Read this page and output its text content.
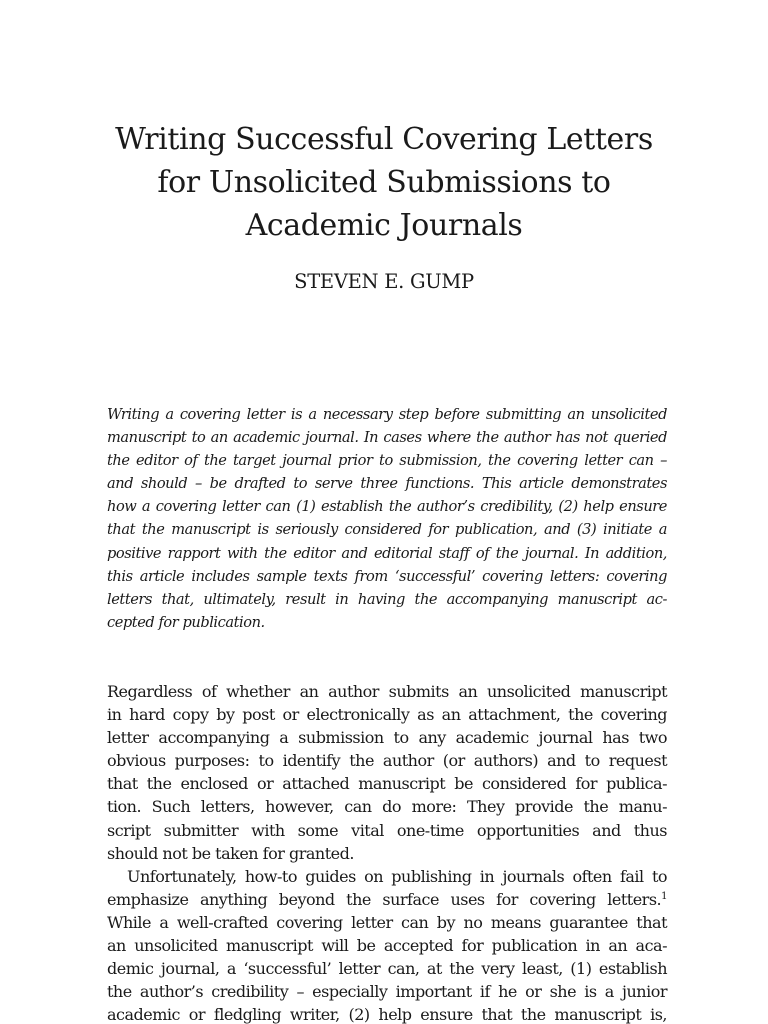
Writing Successful Covering Letters
for Unsolicited Submissions to
Academic Journals
STEVEN E. GUMP
Writing a covering letter is a necessary step before submitting an unsolicited
manuscript to an academic journal. In cases where the author has not queried
the editor of the target journal prior to submission, the covering letter can –
and should – be drafted to serve three functions. This article demonstrates
how a covering letter can (1) establish the author’s credibility, (2) help ensure
that the manuscript is seriously considered for publication, and (3) initiate a
positive rapport with the editor and editorial staff of the journal. In addition,
this article includes sample texts from ‘successful’ covering letters: covering
letters that, ultimately, result in having the accompanying manuscript ac-
cepted for publication.
Regardless of whether an author submits an unsolicited manuscript
in hard copy by post or electronically as an attachment, the covering
letter accompanying a submission to any academic journal has two
obvious purposes: to identify the author (or authors) and to request
that the enclosed or attached manuscript be considered for publica-
tion. Such letters, however, can do more: They provide the manu-
script submitter with some vital one-time opportunities and thus
should not be taken for granted.
Unfortunately, how-to guides on publishing in journals often fail to
emphasize anything beyond the surface uses for covering letters.$^1$
While a well-crafted covering letter can by no means guarantee that
an unsolicited manuscript will be accepted for publication in an aca-
demic journal, a ‘successful’ letter can, at the very least, (1) establish
the author’s credibility – especially important if he or she is a junior
academic or fledgling writer, (2) help ensure that the manuscript is,
